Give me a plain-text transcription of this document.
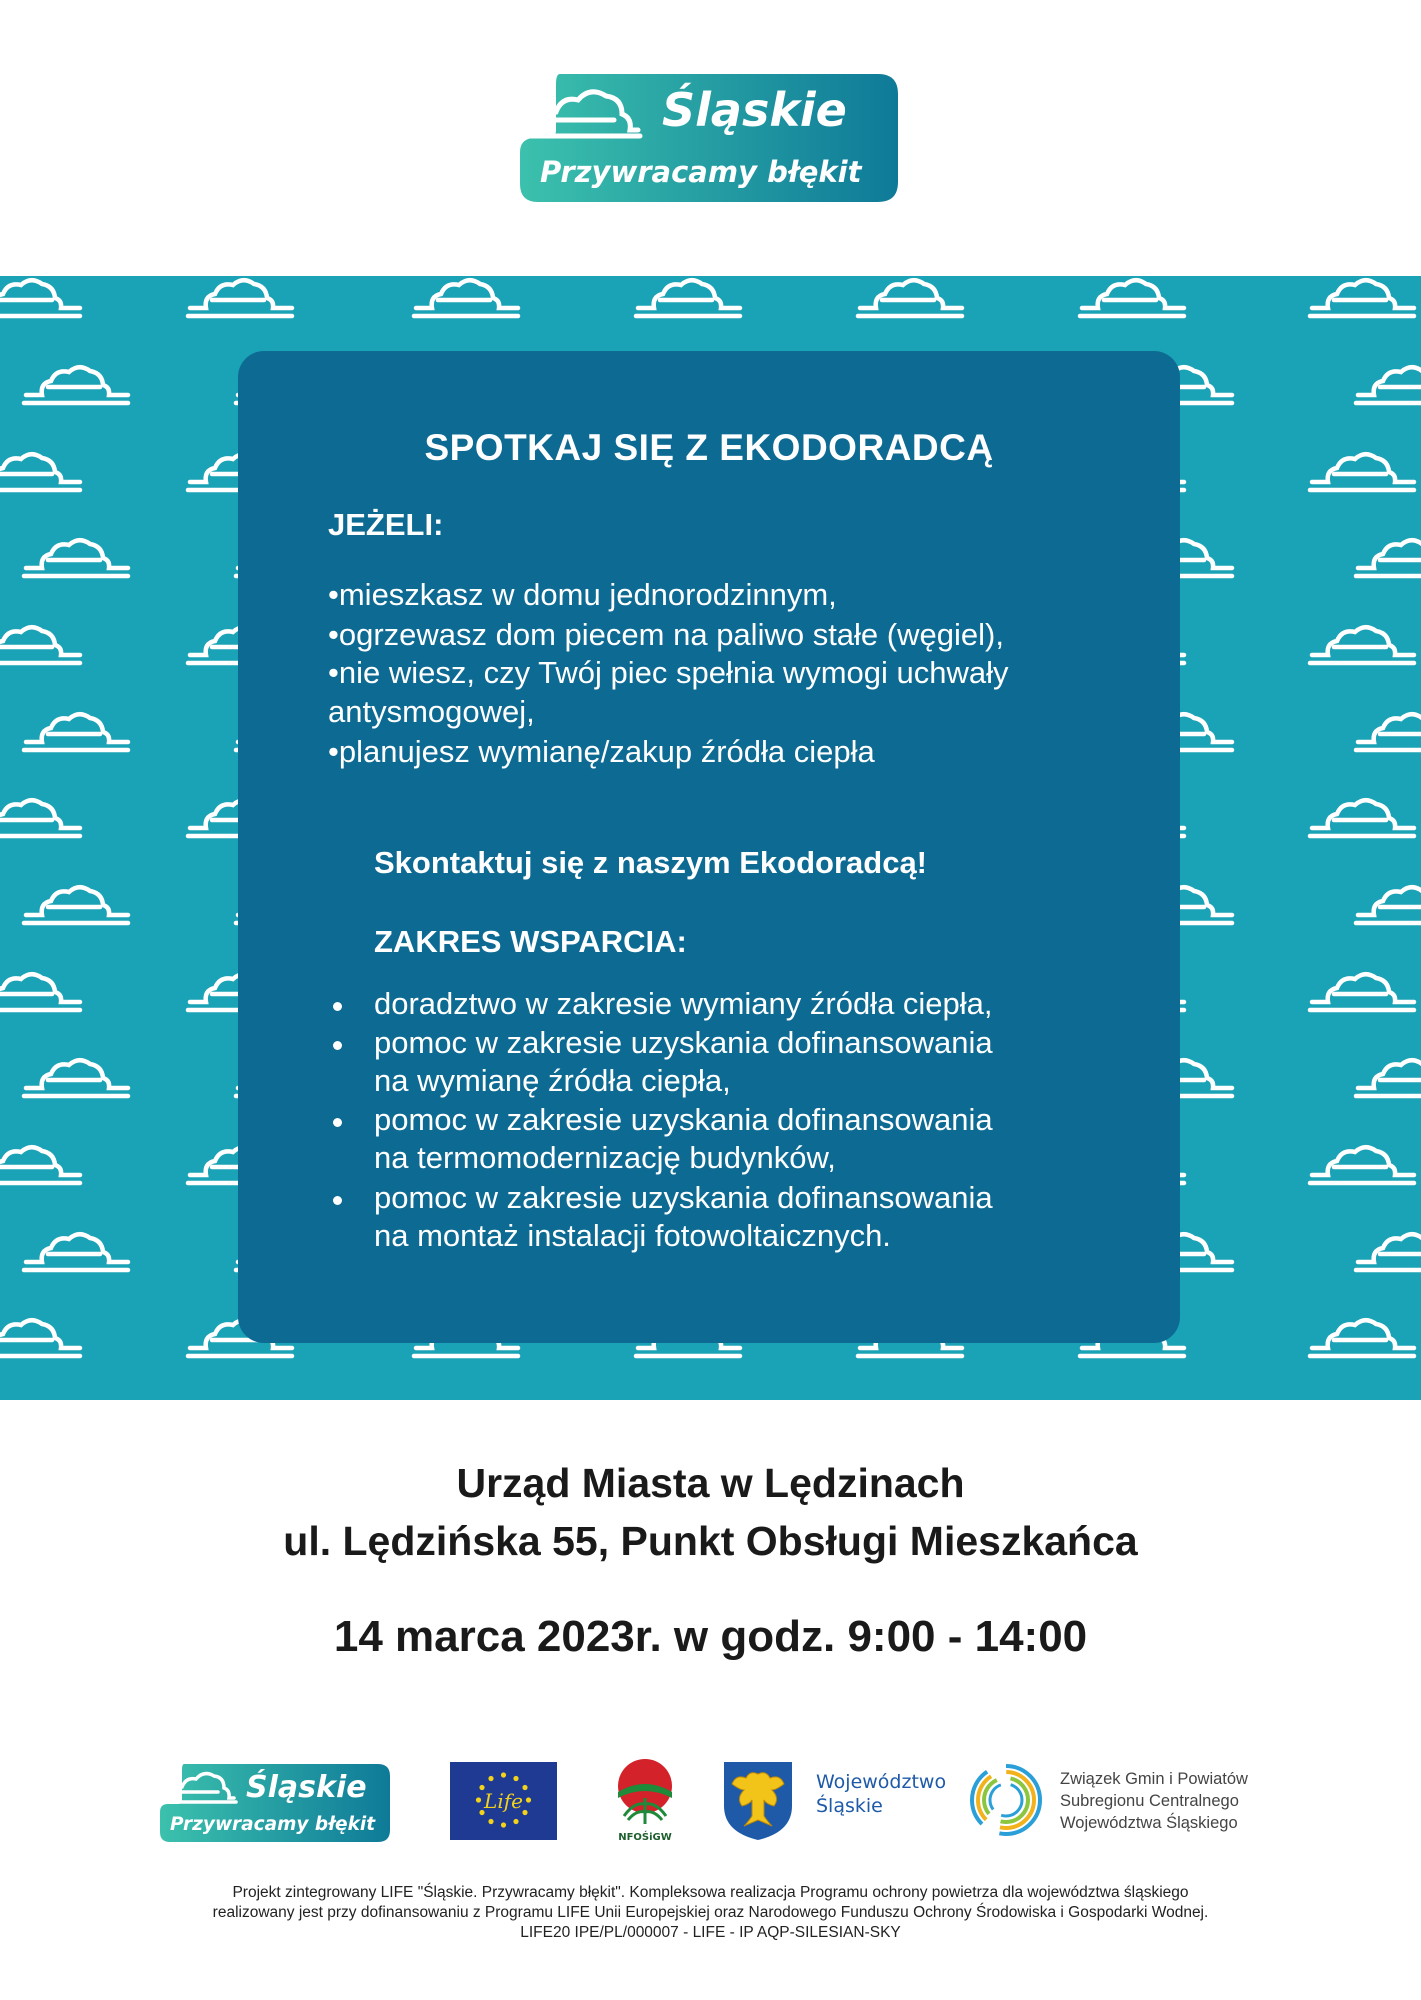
Śląskie
Przywracamy błękit
SPOTKAJ SIĘ Z EKODORADCĄ
JEŻELI:
•mieszkasz w domu jednorodzinnym,
•ogrzewasz dom piecem na paliwo stałe (węgiel),
•nie wiesz, czy Twój piec spełnia wymogi uchwały
antysmogowej,
•planujesz wymianę/zakup źródła ciepła
Skontaktuj się z naszym Ekodoradcą!
ZAKRES WSPARCIA:
doradztwo w zakresie wymiany źródła ciepła,
pomoc w zakresie uzyskania dofinansowania
na wymianę źródła ciepła,
pomoc w zakresie uzyskania dofinansowania
na termomodernizację budynków,
pomoc w zakresie uzyskania dofinansowania
na montaż instalacji fotowoltaicznych.
Urząd Miasta w Lędzinach
ul. Lędzińska 55, Punkt Obsługi Mieszkańca
14 marca 2023r. w godz. 9:00 - 14:00
Śląskie
Przywracamy błękit
Life
NFOŚiGW
Województwo
Śląskie
Związek Gmin i Powiatów
Subregionu Centralnego
Województwa Śląskiego
Projekt zintegrowany LIFE "Śląskie. Przywracamy błękit". Kompleksowa realizacja Programu ochrony powietrza dla województwa śląskiego
realizowany jest przy dofinansowaniu z Programu LIFE Unii Europejskiej oraz Narodowego Funduszu Ochrony Środowiska i Gospodarki Wodnej.
LIFE20 IPE/PL/000007 - LIFE - IP AQP-SILESIAN-SKY
